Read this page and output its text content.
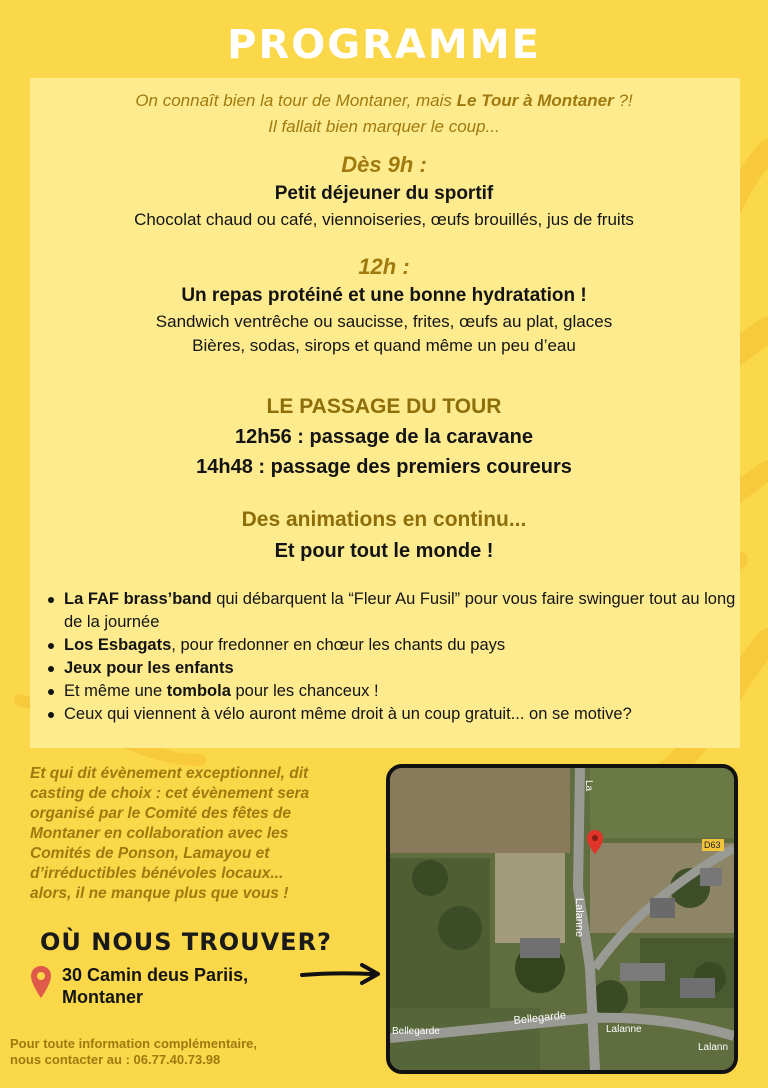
PROGRAMME
On connaît bien la tour de Montaner, mais Le Tour à Montaner ?!
Il fallait bien marquer le coup...
Dès 9h :
Petit déjeuner du sportif
Chocolat chaud ou café, viennoiseries, œufs brouillés, jus de fruits
12h :
Un repas protéiné et une bonne hydratation !
Sandwich ventrêche ou saucisse, frites, œufs au plat, glaces
Bières, sodas, sirops et quand même un peu d’eau
LE PASSAGE DU TOUR
12h56 : passage de la caravane
14h48 : passage des premiers coureurs
Des animations en continu...
Et pour tout le monde !
La FAF brass’band qui débarquent la “Fleur Au Fusil” pour vous faire swinguer tout au long de la journée
Los Esbagats, pour fredonner en chœur les chants du pays
Jeux pour les enfants
Et même une tombola pour les chanceux !
Ceux qui viennent à vélo auront même droit à un coup gratuit... on se motive?
Et qui dit évènement exceptionnel, dit
casting de choix : cet évènement sera
organisé par le Comité des fêtes de
Montaner en collaboration avec les
Comités de Ponson, Lamayou et
d’irréductibles bénévoles locaux...
alors, il ne manque plus que vous !
OÙ NOUS TROUVER?
30 Camin deus Pariis,
Montaner
Pour toute information complémentaire,
nous contacter au : 06.77.40.73.98
La
D63
Lalanne
Bellegarde
Bellegarde
Lalanne
Lalann
